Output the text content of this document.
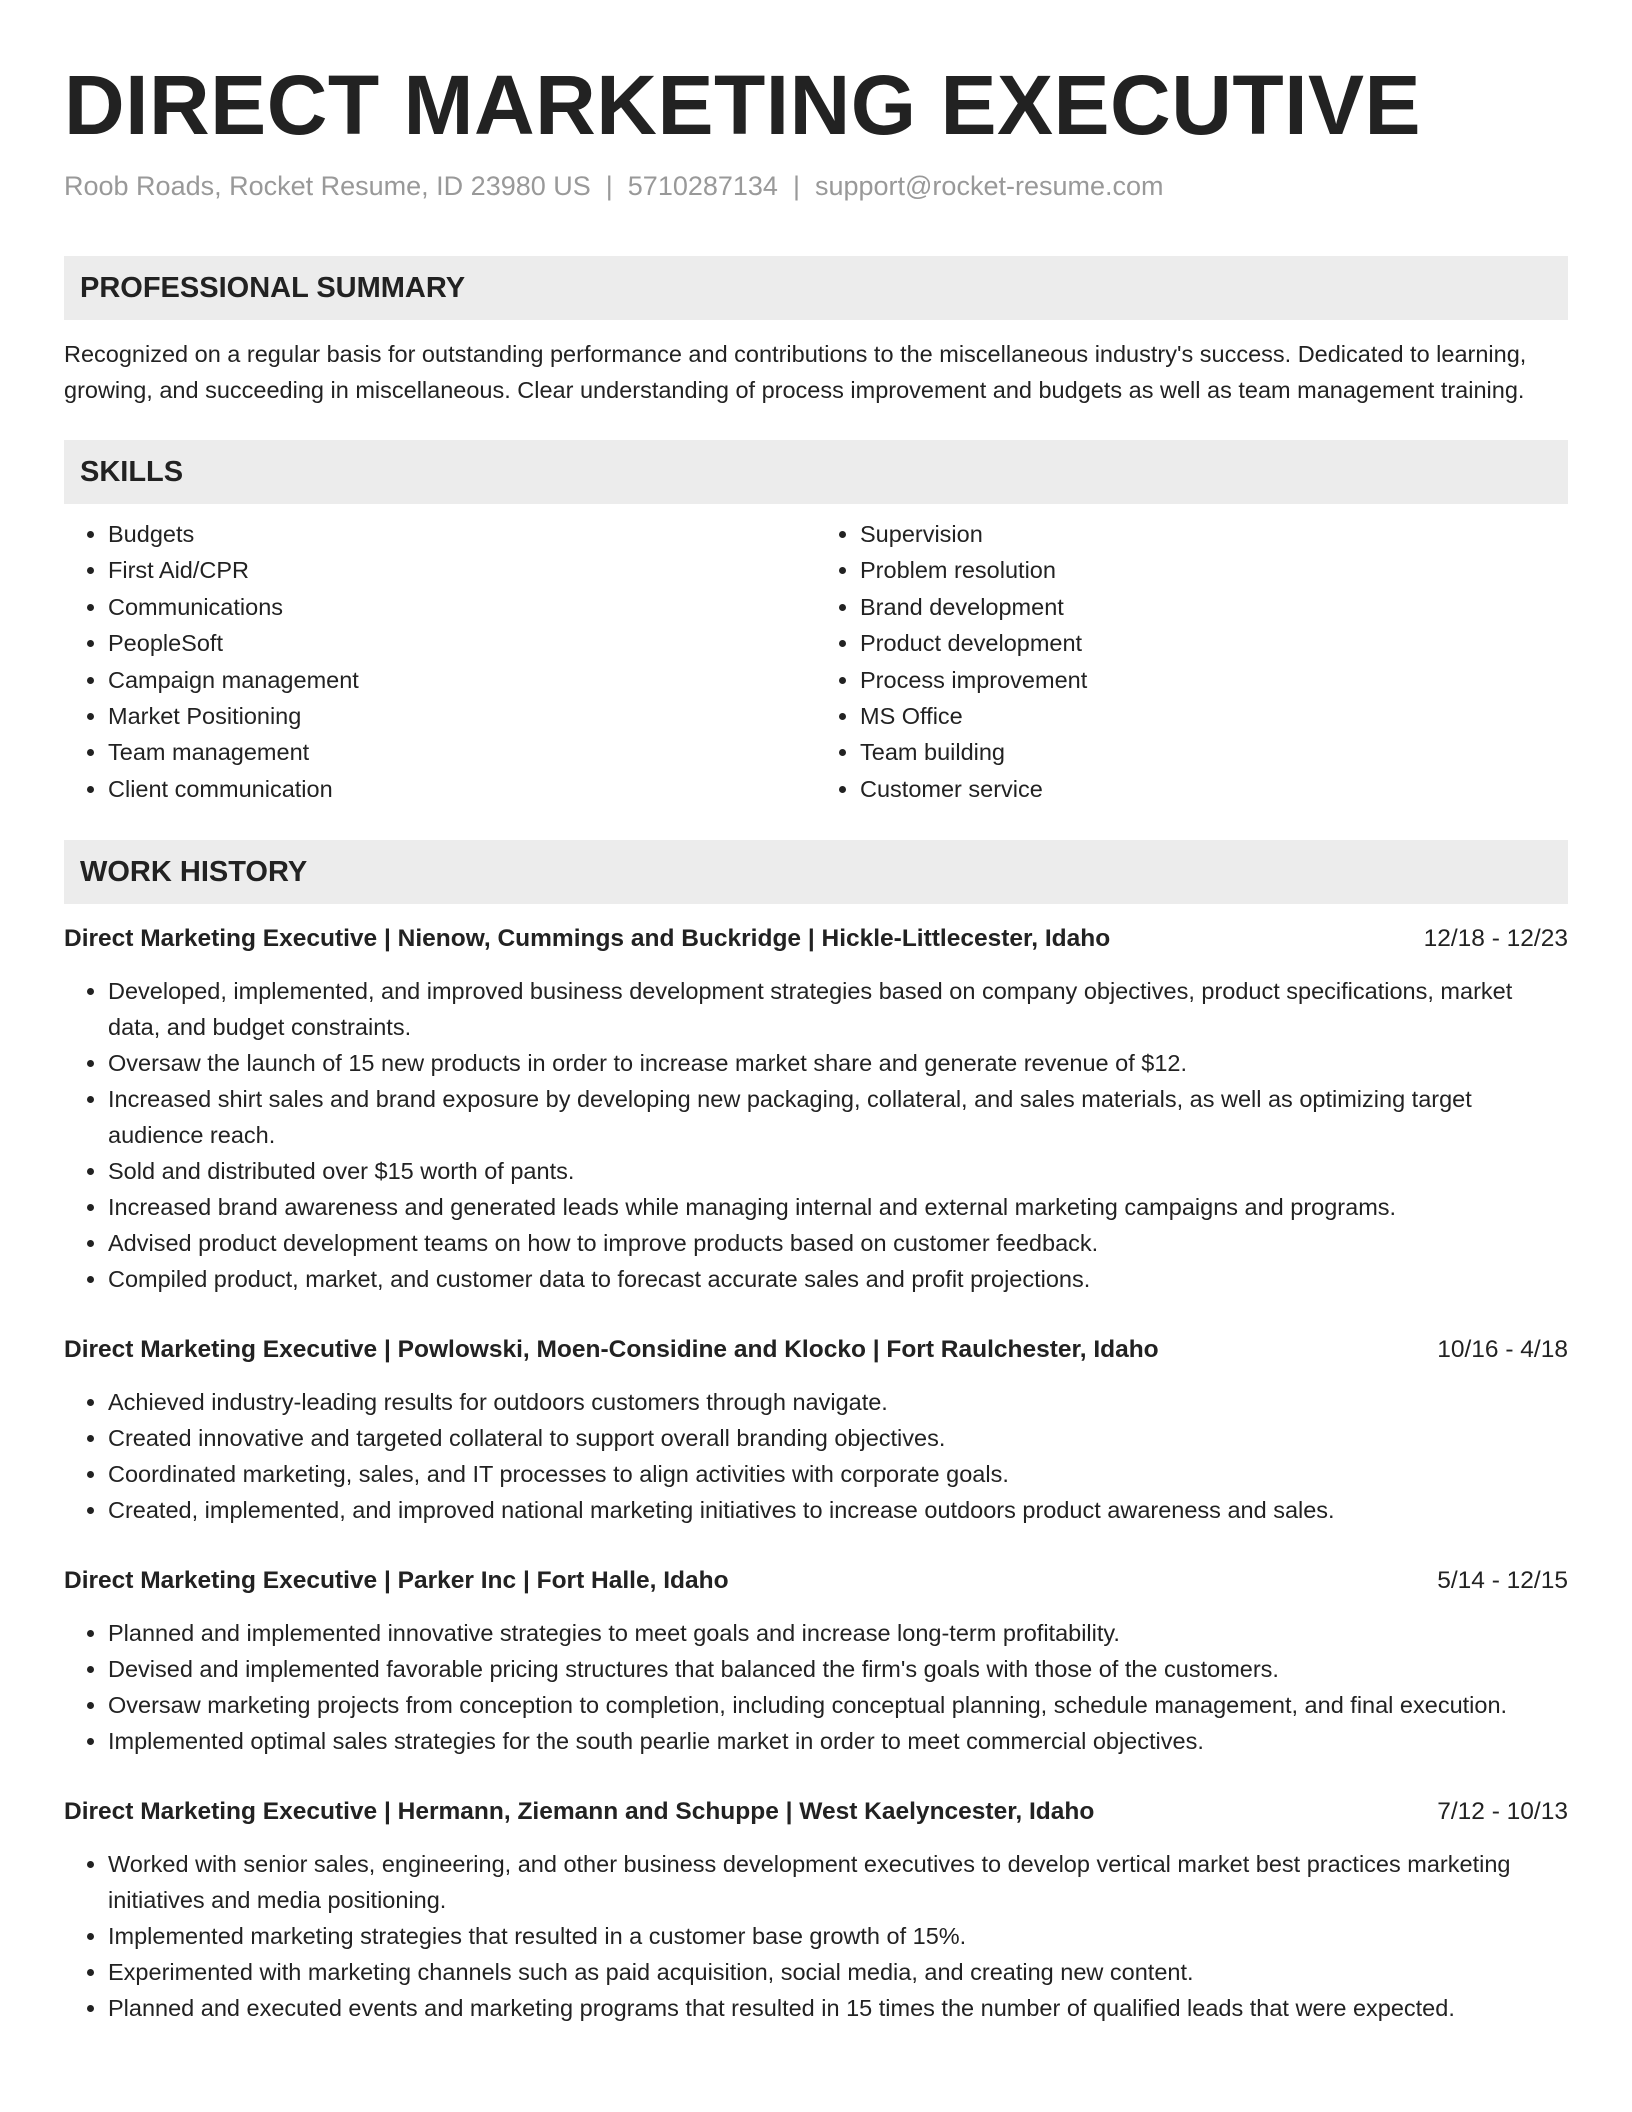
DIRECT MARKETING EXECUTIVE
Roob Roads, Rocket Resume, ID 23980 US | 5710287134 | support@rocket-resume.com
PROFESSIONAL SUMMARY

Recognized on a regular basis for outstanding performance and contributions to the miscellaneous industry's success. Dedicated to learning, growing, and succeeding in miscellaneous. Clear understanding of process improvement and budgets as well as team management training.

SKILLS
• Budgets
• First Aid/CPR
• Communications
• PeopleSoft
• Campaign management
• Market Positioning
• Team management
• Client communication
• Supervision
• Problem resolution
• Brand development
• Product development
• Process improvement
• MS Office
• Team building
• Customer service
WORK HISTORY
Direct Marketing Executive | Nienow, Cummings and Buckridge | Hickle-Littlecester, Idaho	12/18 - 12/23
• Developed, implemented, and improved business development strategies based on company objectives, product specifications, market data, and budget constraints.
• Oversaw the launch of 15 new products in order to increase market share and generate revenue of $12.
• Increased shirt sales and brand exposure by developing new packaging, collateral, and sales materials, as well as optimizing target audience reach.
• Sold and distributed over $15 worth of pants.
• Increased brand awareness and generated leads while managing internal and external marketing campaigns and programs.
• Advised product development teams on how to improve products based on customer feedback.
• Compiled product, market, and customer data to forecast accurate sales and profit projections.
Direct Marketing Executive | Powlowski, Moen-Considine and Klocko | Fort Raulchester, Idaho	10/16 - 4/18
• Achieved industry-leading results for outdoors customers through navigate.
• Created innovative and targeted collateral to support overall branding objectives.
• Coordinated marketing, sales, and IT processes to align activities with corporate goals.
• Created, implemented, and improved national marketing initiatives to increase outdoors product awareness and sales.
Direct Marketing Executive | Parker Inc | Fort Halle, Idaho	5/14 - 12/15
• Planned and implemented innovative strategies to meet goals and increase long-term profitability.
• Devised and implemented favorable pricing structures that balanced the firm's goals with those of the customers.
• Oversaw marketing projects from conception to completion, including conceptual planning, schedule management, and final execution.
• Implemented optimal sales strategies for the south pearlie market in order to meet commercial objectives.
Direct Marketing Executive | Hermann, Ziemann and Schuppe | West Kaelyncester, Idaho	7/12 - 10/13
• Worked with senior sales, engineering, and other business development executives to develop vertical market best practices marketing initiatives and media positioning.
• Implemented marketing strategies that resulted in a customer base growth of 15%.
• Experimented with marketing channels such as paid acquisition, social media, and creating new content.
• Planned and executed events and marketing programs that resulted in 15 times the number of qualified leads that were expected.
